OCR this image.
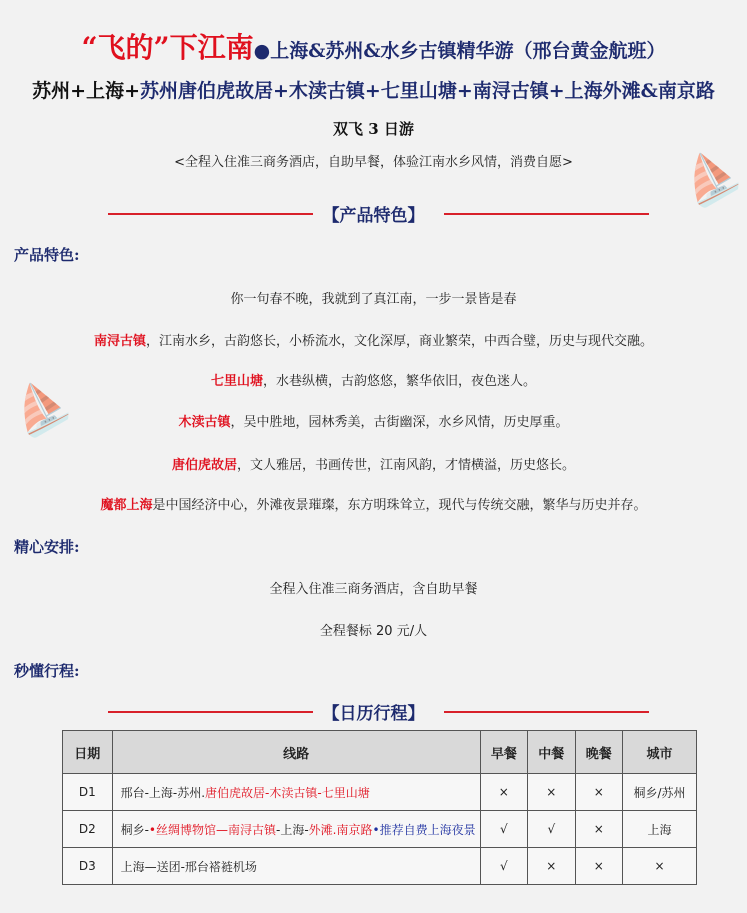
⛵
⛵
“飞的”下江南●上海&苏州&水乡古镇精华游（邢台黄金航班）
苏州+上海+苏州唐伯虎故居+木渎古镇+七里山塘+南浔古镇+上海外滩&南京路
双飞 3 日游
<全程入住准三商务酒店，自助早餐，体验江南水乡风情，消费自愿>
【产品特色】
产品特色:
你一句春不晚，我就到了真江南，一步一景皆是春
南浔古镇，江南水乡，古韵悠长，小桥流水，文化深厚，商业繁荣，中西合璧，历史与现代交融。
七里山塘，水巷纵横，古韵悠悠，繁华依旧，夜色迷人。
木渎古镇，吴中胜地，园林秀美，古街幽深，水乡风情，历史厚重。
唐伯虎故居，文人雅居，书画传世，江南风韵，才情横溢，历史悠长。
魔都上海是中国经济中心，外滩夜景璀璨，东方明珠耸立，现代与传统交融，繁华与历史并存。
精心安排:
全程入住准三商务酒店，含自助早餐
全程餐标 20 元/人
秒懂行程:
【日历行程】
日期	线路	早餐	中餐	晚餐	城市
D1	邢台-上海-苏州.唐伯虎故居-木渎古镇-七里山塘	×	×	×	桐乡/苏州
D2	桐乡-•丝绸博物馆—南浔古镇-上海-外滩.南京路•推荐自费上海夜景	√	√	×	上海
D3	上海—送团-邢台褡裢机场	√	×	×	×
